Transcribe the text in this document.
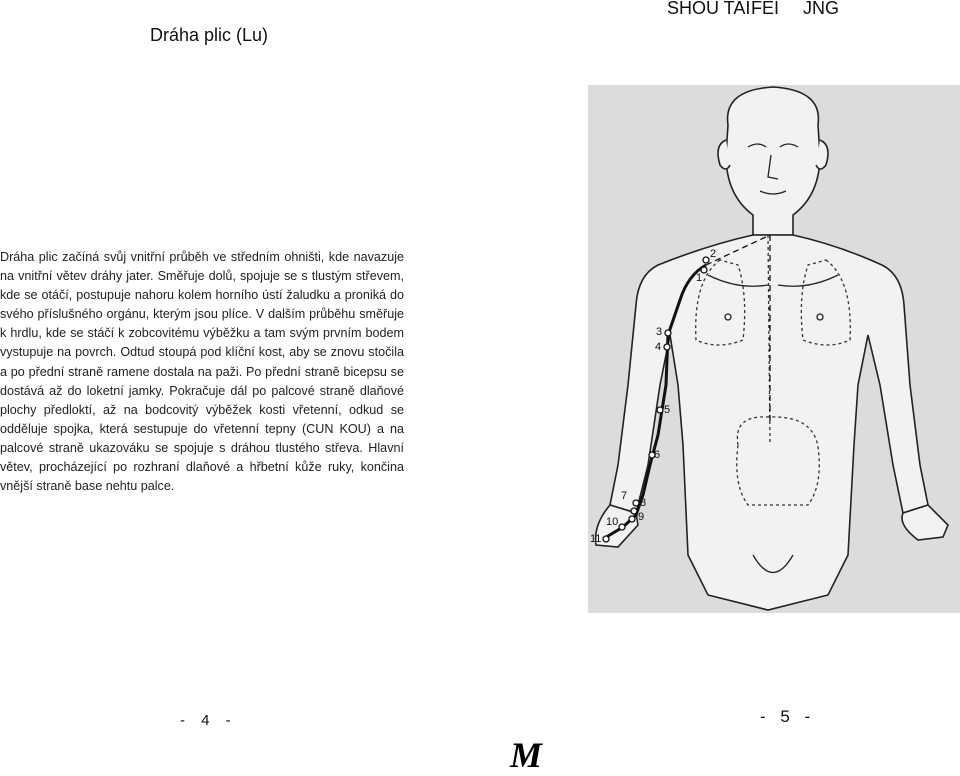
Dráha plic (Lu)
SHOU TAI FEI	JNG
Dráha plic začíná svůj vnitřní průběh ve středním ohništi, kde navazuje na vnitřní větev dráhy jater. Směřuje dolů, spojuje se s tlustým střevem, kde se otáčí, postupuje nahoru kolem horního ústí žaludku a proniká do svého příslušného orgánu, kterým jsou plíce. V dalším průběhu směřuje k hrdlu, kde se stáčí k zobcovitému výběžku a tam svým prvním bodem vystupuje na povrch. Odtud stoupá pod klíční kost, aby se znovu stočila a po přední straně ramene dostala na paži. Po přední straně bicepsu se dostává až do loketní jamky. Pokračuje dál po palcové straně dlaňové plochy předloktí, až na bodcovitý výběžek kosti vřetenní, odkud se odděluje spojka, která sestupuje do vřetenní tepny (CUN KOU) a na palcové straně ukazováku se spojuje s dráhou tlustého střeva. Hlavní větev, procházející po rozhraní dlaňové a hřbetní kůže ruky, končina vnější straně base nehtu palce.
1
2
3
4
5
6
7
8
9
10
11
- 4 -	- 5 -
M
